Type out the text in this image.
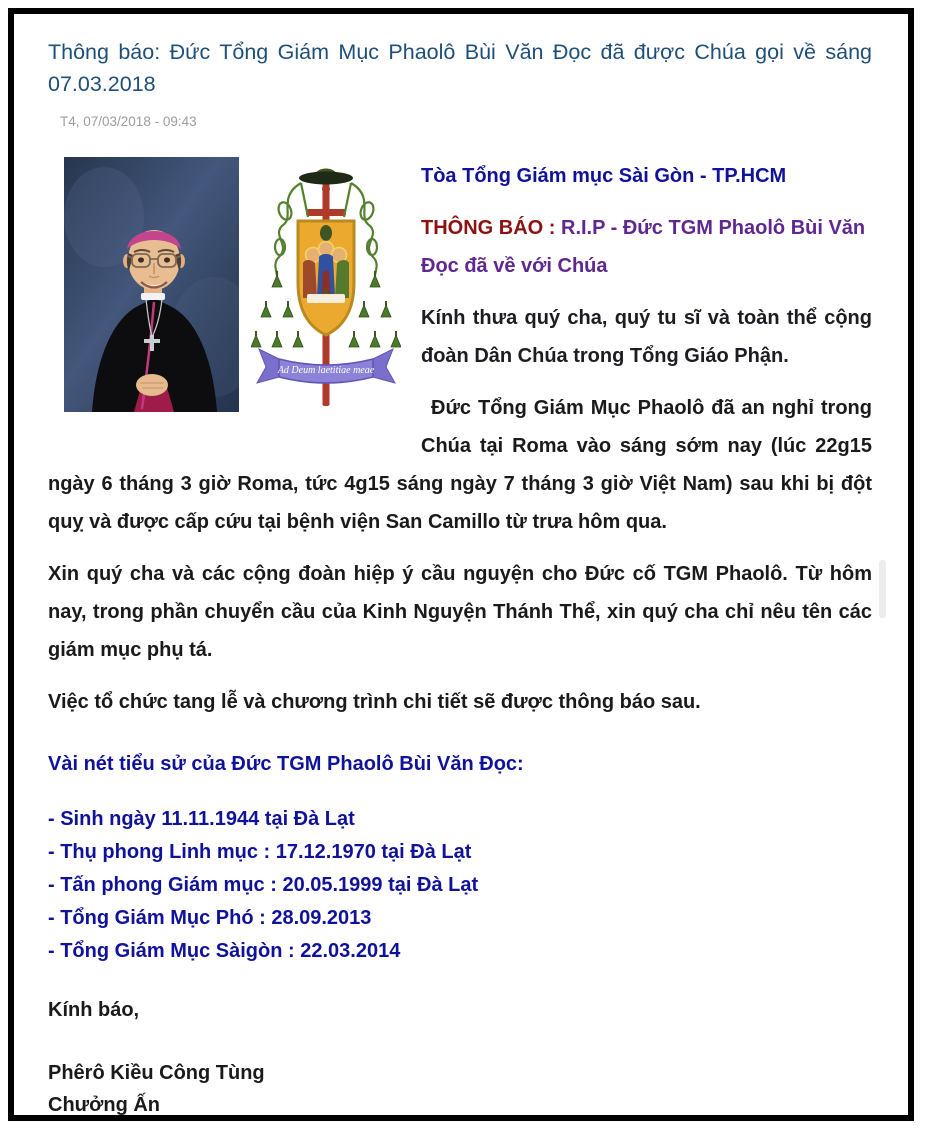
Thông báo: Đức Tổng Giám Mục Phaolô Bùi Văn Đọc đã được Chúa gọi về sáng 07.03.2018
T4, 07/03/2018 - 09:43
Ad Deum laetitiae meae

Tòa Tổng Giám mục Sài Gòn - TP.HCM

THÔNG BÁO : R.I.P - Đức TGM Phaolô Bùi Văn Đọc đã về với Chúa

Kính thưa quý cha, quý tu sĩ và toàn thể cộng đoàn Dân Chúa trong Tổng Giáo Phận.

Đức Tổng Giám Mục Phaolô đã an nghỉ trong Chúa tại Roma vào sáng sớm nay (lúc 22g15 ngày 6 tháng 3 giờ Roma, tức 4g15 sáng ngày 7 tháng 3 giờ Việt Nam) sau khi bị đột quỵ và được cấp cứu tại bệnh viện San Camillo từ trưa hôm qua.

Xin quý cha và các cộng đoàn hiệp ý cầu nguyện cho Đức cố TGM Phaolô. Từ hôm nay, trong phần chuyển cầu của Kinh Nguyện Thánh Thể, xin quý cha chỉ nêu tên các giám mục phụ tá.

Việc tổ chức tang lễ và chương trình chi tiết sẽ được thông báo sau.

Vài nét tiểu sử của Đức TGM Phaolô Bùi Văn Đọc:

- Sinh ngày 11.11.1944 tại Đà Lạt
- Thụ phong Linh mục : 17.12.1970 tại Đà Lạt
- Tấn phong Giám mục : 20.05.1999 tại Đà Lạt
- Tổng Giám Mục Phó : 28.09.2013
- Tổng Giám Mục Sàigòn : 22.03.2014

Kính báo,

Phêrô Kiều Công Tùng
Chưởng Ấn
